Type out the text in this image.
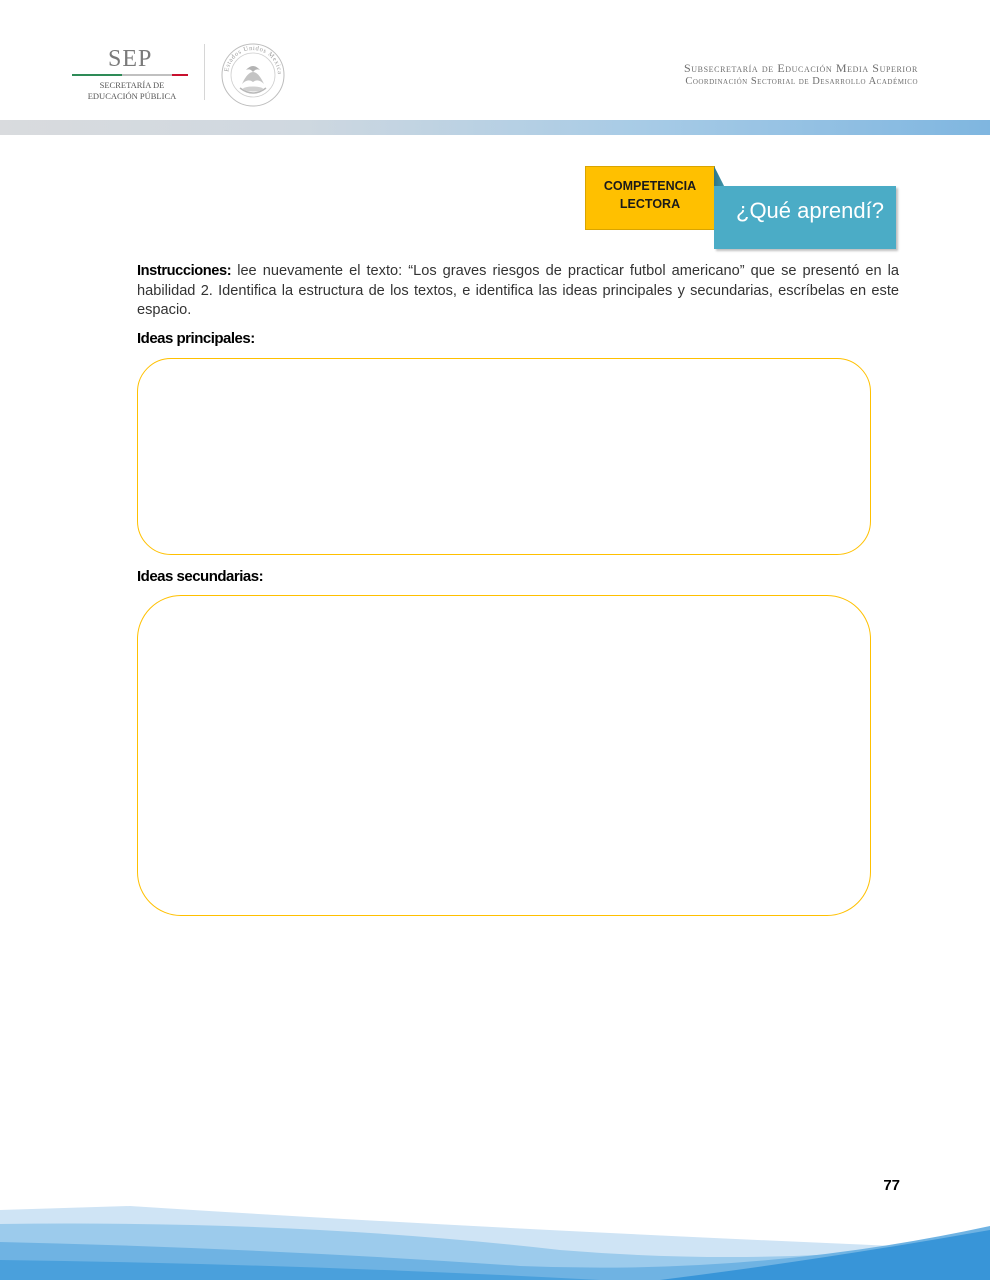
SEP
SECRETARÍA DE
EDUCACIÓN PÚBLICA
Estados Unidos Mexica	Subsecretaría de Educación Media Superior
Coordinación Sectorial de Desarrollo Académico
COMPETENCIA
LECTORA	¿Qué aprendí?

Instrucciones: lee nuevamente el texto: “Los graves riesgos de practicar futbol americano” que se presentó en la habilidad 2. Identifica la estructura de los textos, e identifica las ideas principales y secundarias, escríbelas en este espacio.

Ideas principales:
Ideas secundarias:
77
